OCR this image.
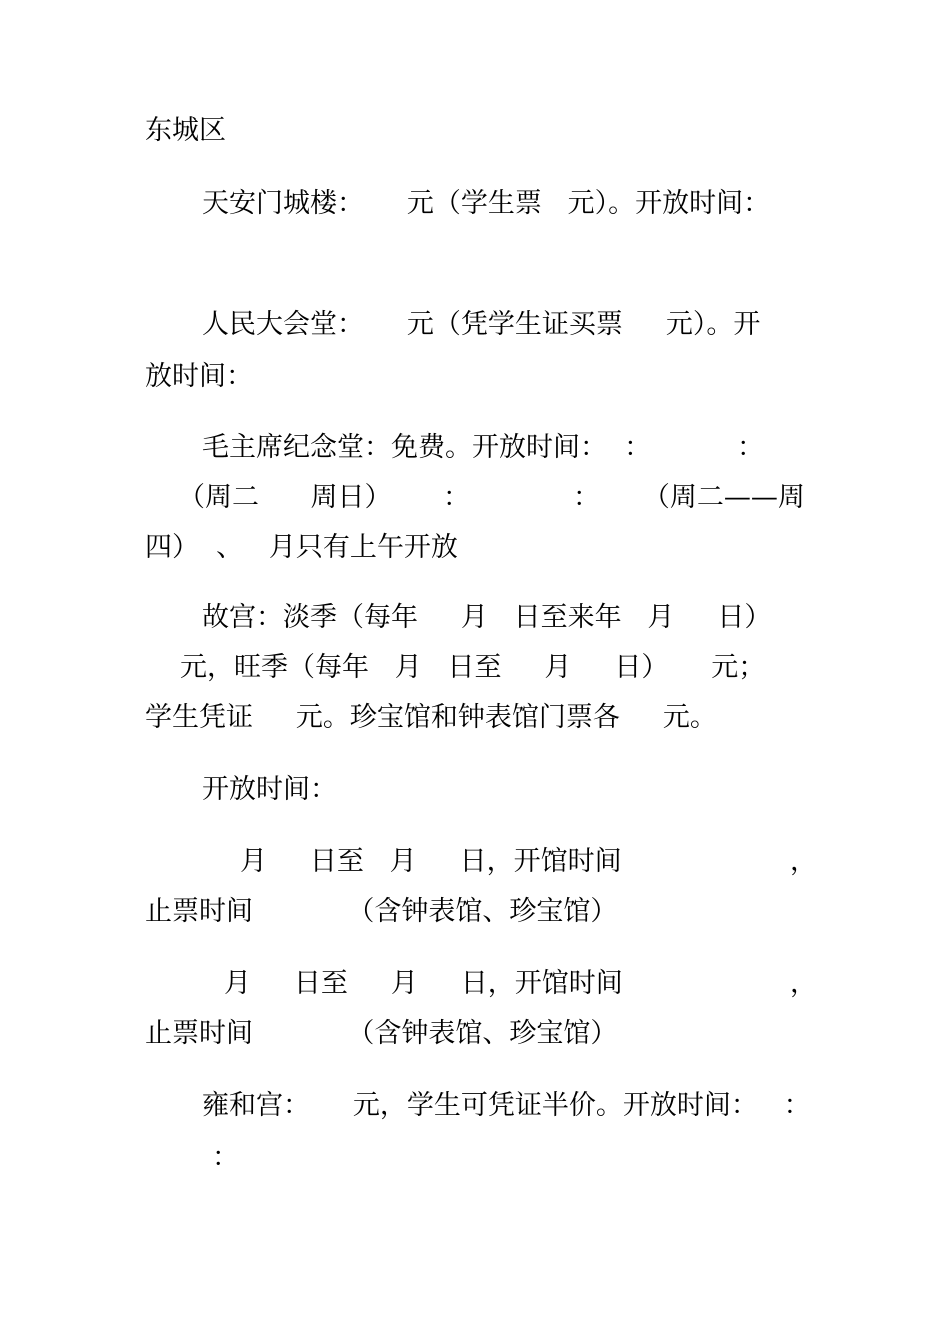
东城区
天安门城楼：     元（学生票   元）。开放时间：
人民大会堂：     元（凭学生证买票     元）。开
放时间：
毛主席纪念堂：免费。开放时间：  ：          ：
（周二      周日）      ：            ：     （周二——周
四）  、   月只有上午开放
故宫：淡季（每年     月   日至来年   月     日）
元，旺季（每年   月   日至     月     日）     元；
学生凭证     元。珍宝馆和钟表馆门票各     元。
开放时间：
月     日至   月     日，开馆时间	，
止票时间           （含钟表馆、珍宝馆）
月     日至     月     日，开馆时间	，
止票时间           （含钟表馆、珍宝馆）
雍和宫：     元，学生可凭证半价。开放时间：   ：
：
